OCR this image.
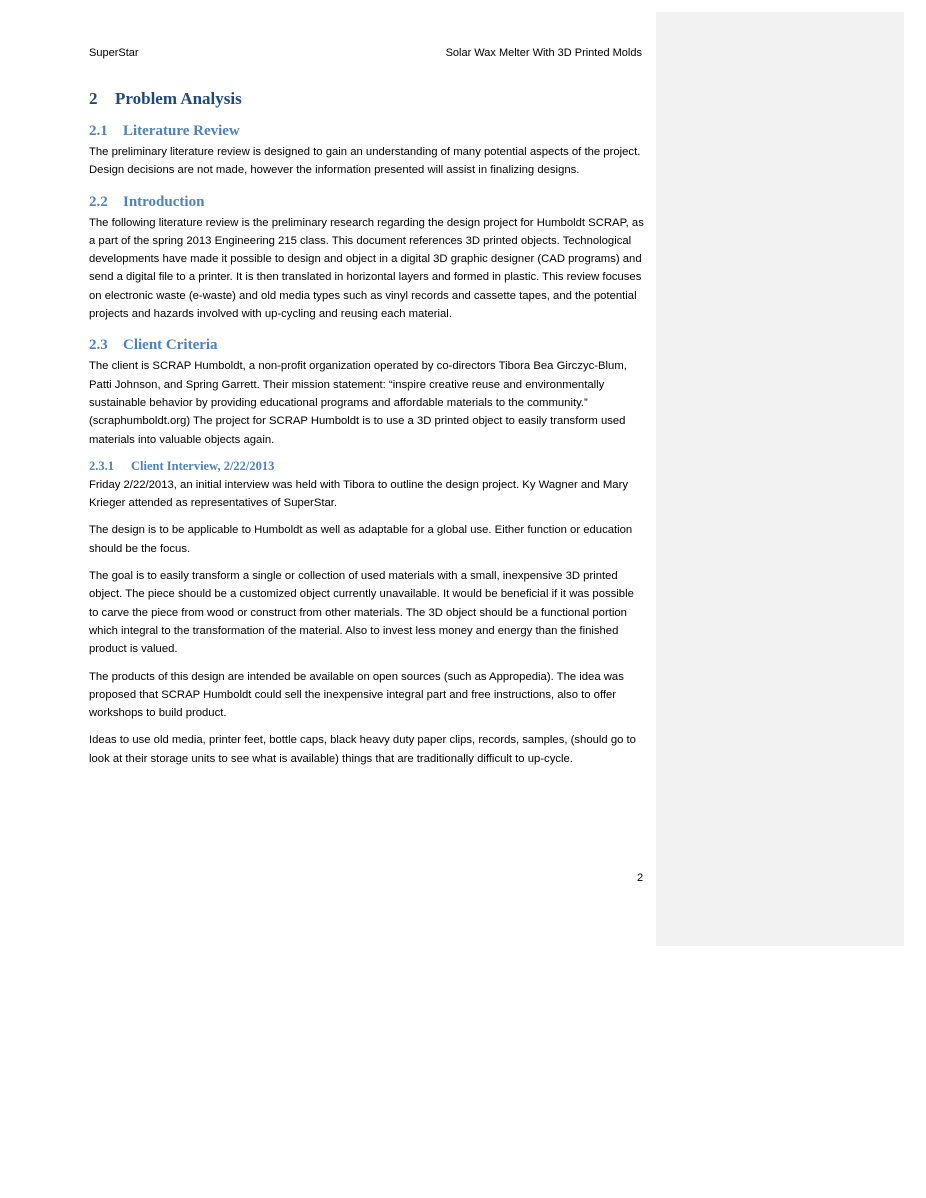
SuperStar	Solar Wax Melter With 3D Printed Molds
2 Problem Analysis
2.1 Literature Review

The preliminary literature review is designed to gain an understanding of many potential aspects of the project. Design decisions are not made, however the information presented will assist in finalizing designs.

2.2 Introduction

The following literature review is the preliminary research regarding the design project for Humboldt SCRAP, as a part of the spring 2013 Engineering 215 class. This document references 3D printed objects. Technological developments have made it possible to design and object in a digital 3D graphic designer (CAD programs) and send a digital file to a printer. It is then translated in horizontal layers and formed in plastic. This review focuses on electronic waste (e-waste) and old media types such as vinyl records and cassette tapes, and the potential projects and hazards involved with up-cycling and reusing each material.

2.3 Client Criteria

The client is SCRAP Humboldt, a non-profit organization operated by co-directors Tibora Bea Girczyc-Blum, Patti Johnson, and Spring Garrett. Their mission statement: “inspire creative reuse and environmentally sustainable behavior by providing educational programs and affordable materials to the community.” (scraphumboldt.org) The project for SCRAP Humboldt is to use a 3D printed object to easily transform used materials into valuable objects again.

2.3.1 Client Interview, 2/22/2013

Friday 2/22/2013, an initial interview was held with Tibora to outline the design project. Ky Wagner and Mary Krieger attended as representatives of SuperStar.

The design is to be applicable to Humboldt as well as adaptable for a global use. Either function or education should be the focus.

The goal is to easily transform a single or collection of used materials with a small, inexpensive 3D printed object. The piece should be a customized object currently unavailable. It would be beneficial if it was possible to carve the piece from wood or construct from other materials. The 3D object should be a functional portion which integral to the transformation of the material. Also to invest less money and energy than the finished product is valued.

The products of this design are intended be available on open sources (such as Appropedia). The idea was proposed that SCRAP Humboldt could sell the inexpensive integral part and free instructions, also to offer workshops to build product.

Ideas to use old media, printer feet, bottle caps, black heavy duty paper clips, records, samples, (should go to look at their storage units to see what is available) things that are traditionally difficult to up-cycle.

2
